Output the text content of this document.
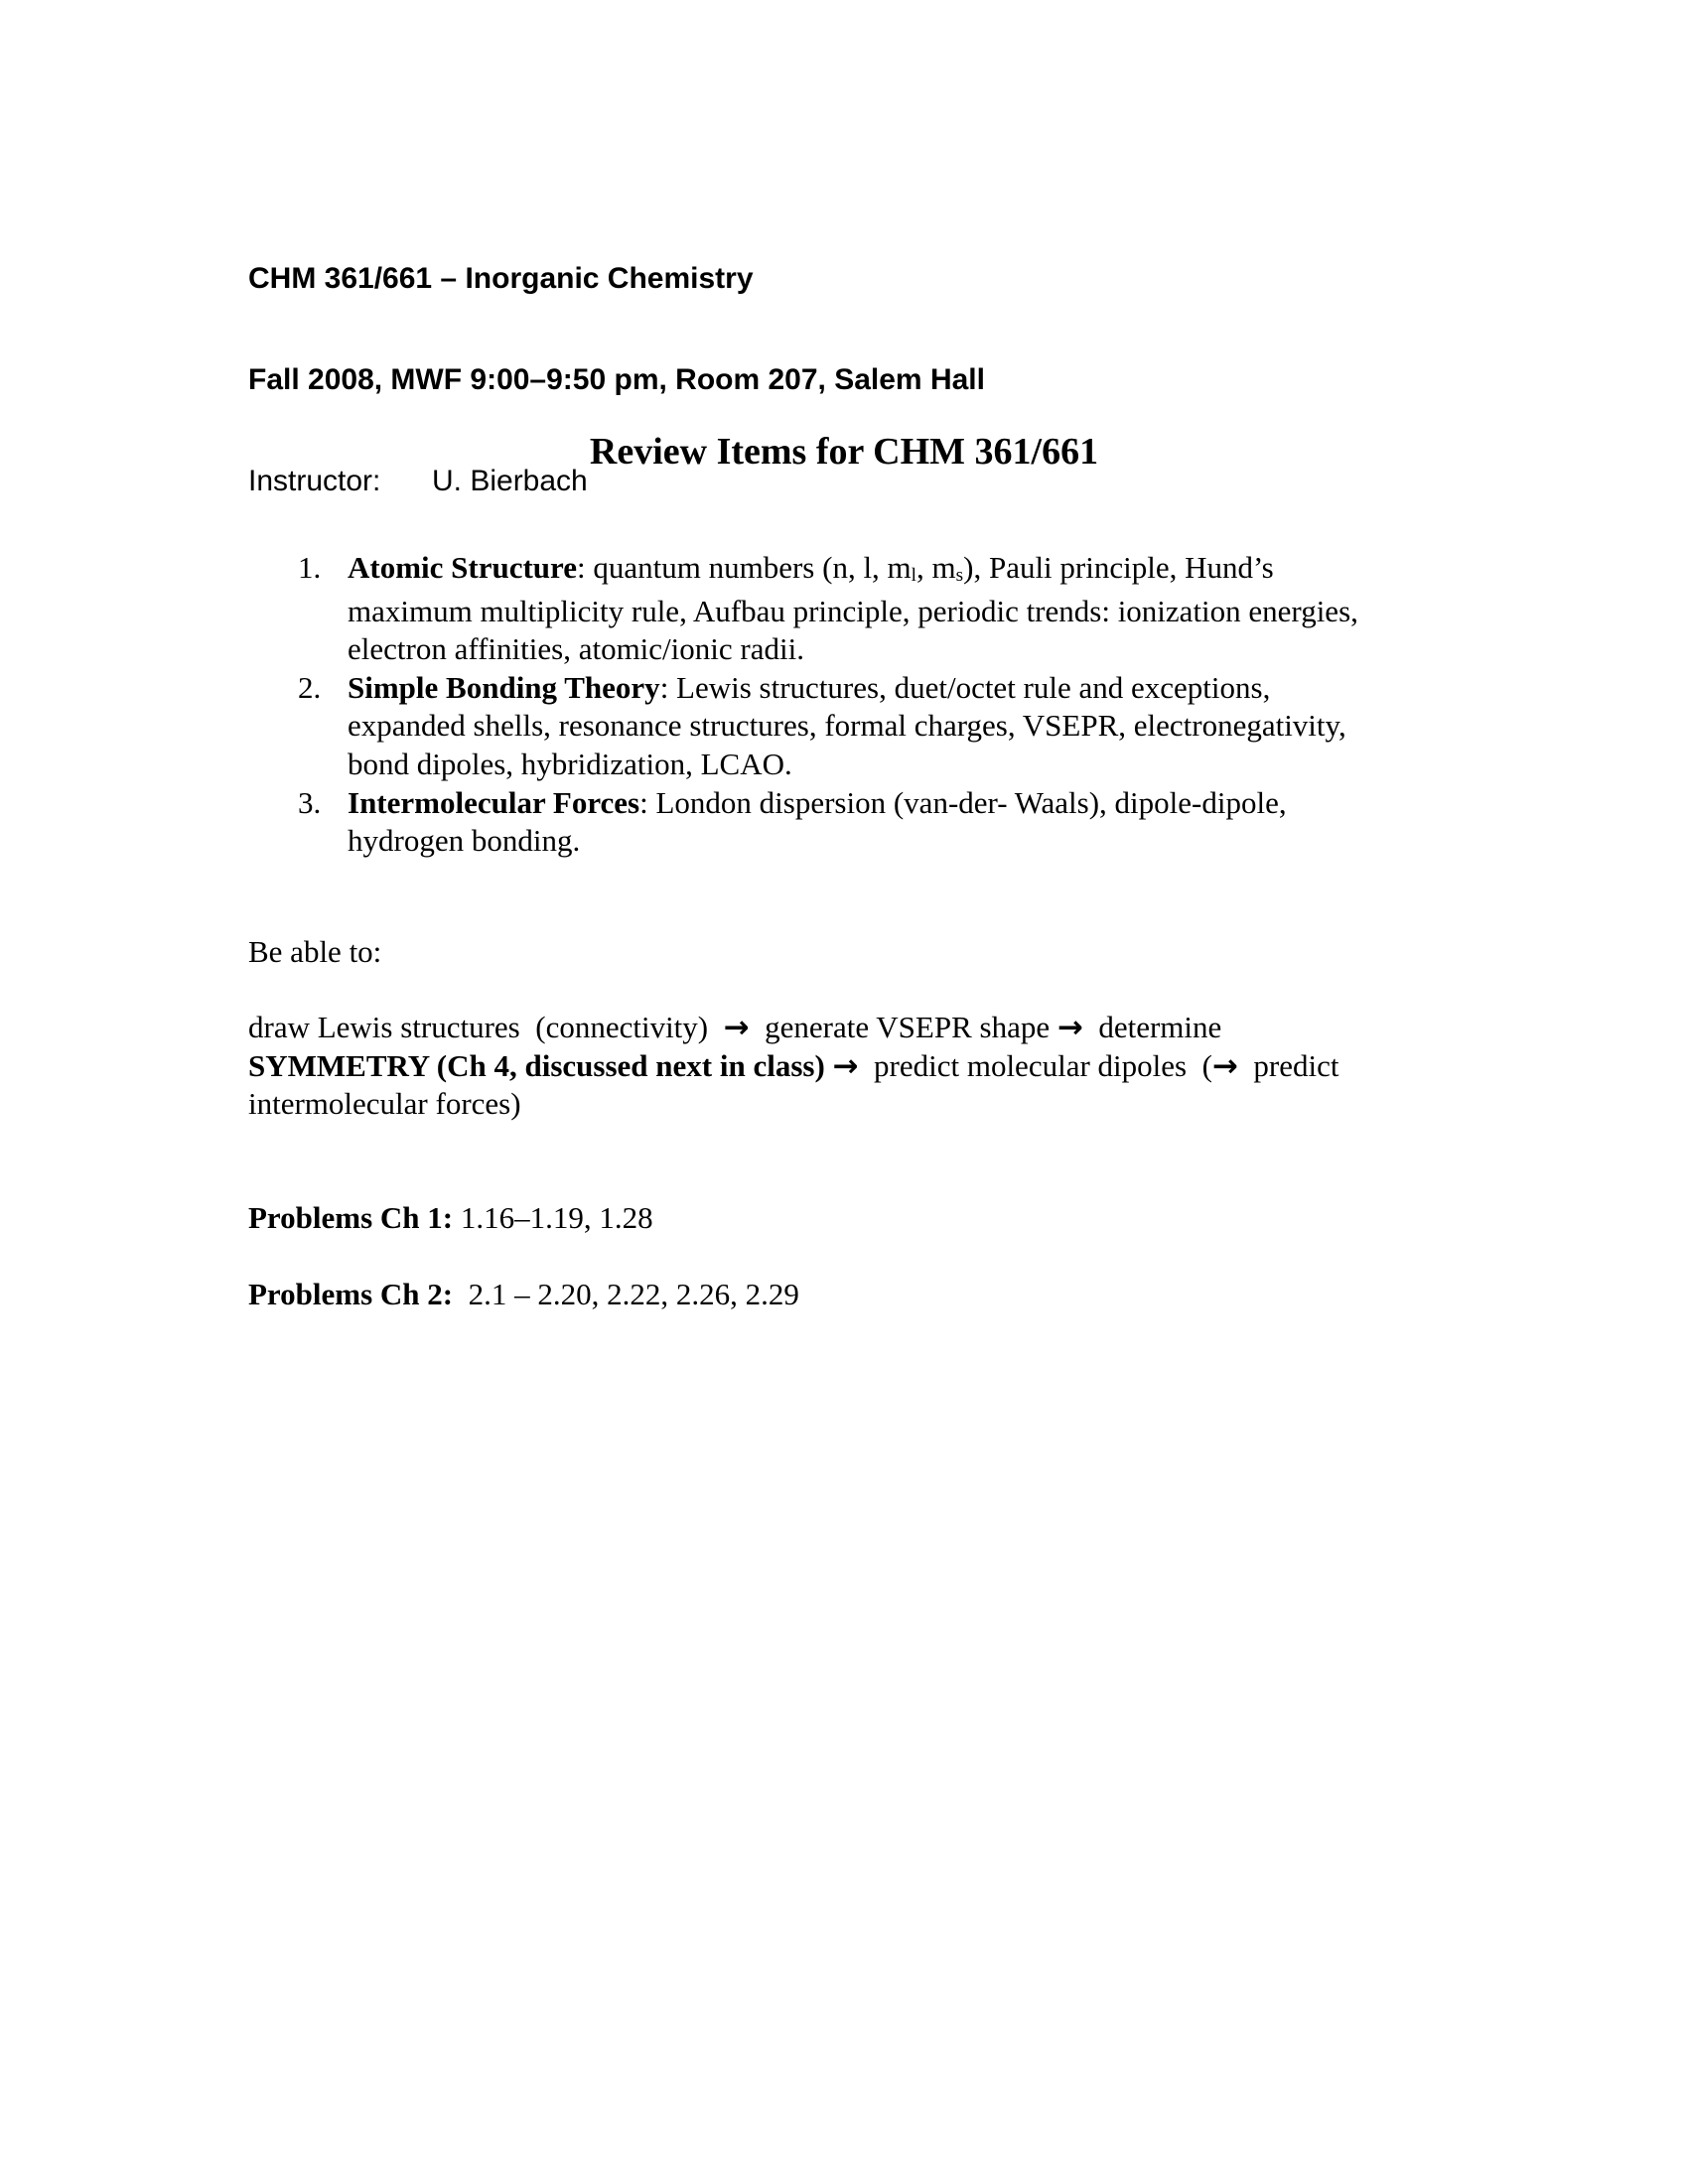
CHM 361/661 – Inorganic Chemistry

Fall 2008, MWF 9:00–9:50 pm, Room 207, Salem Hall

Instructor:	U. Bierbach

Review Items for CHM 361/661
1. Atomic Structure: quantum numbers (n, l, ml, ms), Pauli principle, Hund’s
maximum multiplicity rule, Aufbau principle, periodic trends: ionization energies,
electron affinities, atomic/ionic radii.
2. Simple Bonding Theory: Lewis structures, duet/octet rule and exceptions,
expanded shells, resonance structures, formal charges, VSEPR, electronegativity,
bond dipoles, hybridization, LCAO.
3. Intermolecular Forces: London dispersion (van-der- Waals), dipole-dipole,
hydrogen bonding.
Be able to:
draw Lewis structures  (connectivity)  →  generate VSEPR shape →  determine
SYMMETRY (Ch 4, discussed next in class) →  predict molecular dipoles  (→  predict
intermolecular forces)
Problems Ch 1: 1.16–1.19, 1.28
Problems Ch 2:  2.1 – 2.20, 2.22, 2.26, 2.29
